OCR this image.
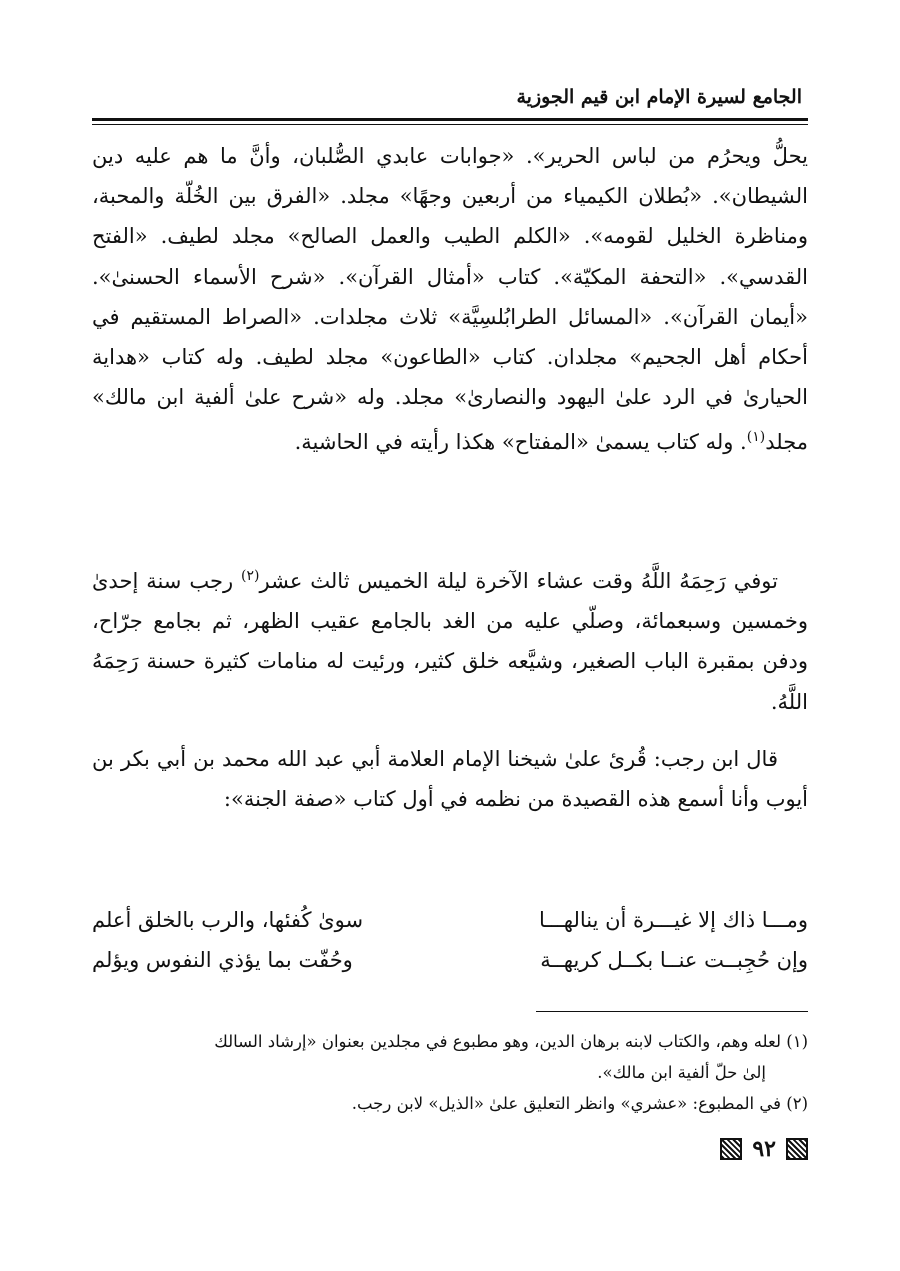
الجامع لسيرة الإمام ابن قيم الجوزية

يحلُّ ويحرُم من لباس الحرير». «جوابات عابدي الصُّلبان، وأنَّ ما هم عليه دين الشيطان». «بُطلان الكيمياء من أربعين وجهًا» مجلد. «الفرق بين الخُلّة والمحبة، ومناظرة الخليل لقومه». «الكلم الطيب والعمل الصالح» مجلد لطيف. «الفتح القدسي». «التحفة المكيّة». كتاب «أمثال القرآن». «شرح الأسماء الحسنىٰ». «أيمان القرآن». «المسائل الطرابُلسِيَّة» ثلاث مجلدات. «الصراط المستقيم في أحكام أهل الجحيم» مجلدان. كتاب «الطاعون» مجلد لطيف. وله كتاب «هداية الحيارىٰ في الرد علىٰ اليهود والنصارىٰ» مجلد. وله «شرح علىٰ ألفية ابن مالك» مجلد$^{(١)}$. وله كتاب يسمىٰ «المفتاح» هكذا رأيته في الحاشية.

توفي رَحِمَهُ اللَّهُ وقت عشاء الآخرة ليلة الخميس ثالث عشر$^{(٢)}$ رجب سنة إحدىٰ وخمسين وسبعمائة، وصلّي عليه من الغد بالجامع عقيب الظهر، ثم بجامع جرّاح، ودفن بمقبرة الباب الصغير، وشيَّعه خلق كثير، ورئيت له منامات كثيرة حسنة رَحِمَهُ اللَّهُ.

قال ابن رجب: قُرئ علىٰ شيخنا الإمام العلامة أبي عبد الله محمد بن أبي بكر بن أيوب وأنا أسمع هذه القصيدة من نظمه في أول كتاب «صفة الجنة»:

ومـــا ذاك إلا غيـــرة أن ينالهـــا
سوىٰ كُفئها، والرب بالخلق أعلم
وإن حُجِبــت عنــا بكــل كريهــة
وحُفّت بما يؤذي النفوس ويؤلم
(١) لعله وهم، والكتاب لابنه برهان الدين، وهو مطبوع في مجلدين بعنوان «إرشاد السالك
إلىٰ حلّ ألفية ابن مالك».
(٢) في المطبوع: «عشري» وانظر التعليق علىٰ «الذيل» لابن رجب.
٩٢
